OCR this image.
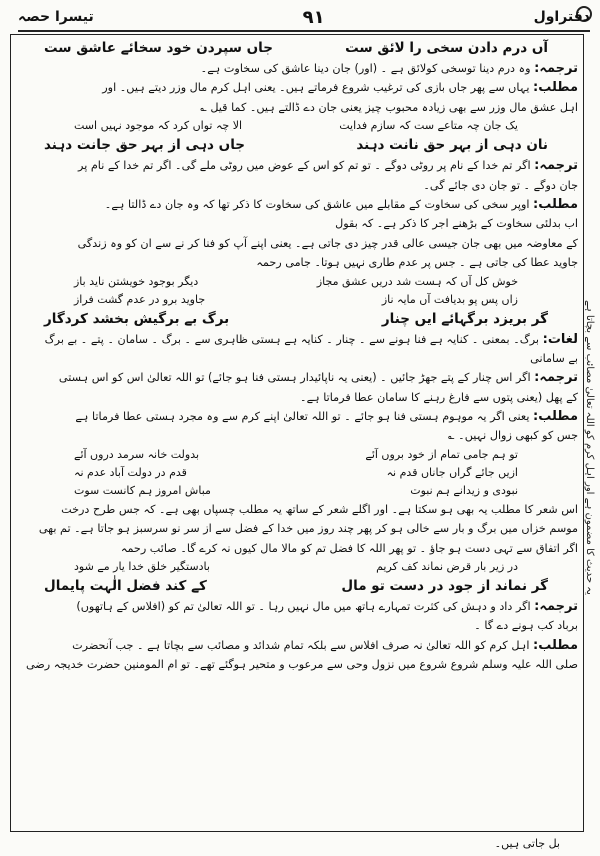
دفتراول
٩١
تیسرا حصہ
آں درم دادن سخی را لائق ست
جاں سپردن خود سخائے عاشق ست
ترجمہ: وہ درم دینا توسخی کولائق ہے ۔ (اور) جان دینا عاشق کی سخاوت ہے۔
مطلب: یہاں سے پھر جاں بازی کی ترغیب شروع فرماتے ہیں۔ یعنی اہل کرم مال وزر دیتے ہیں۔ اور
اہل عشق مال وزر سے بھی زیادہ محبوب چیز یعنی جان دے ڈالتے ہیں۔ کما قیل ؎
یک جان چہ متاعے ست کہ سازم فدایت
الا چہ تواں کرد کہ موجود نہیں است
نان دہی از بہر حق نانت دہند
جاں دہی از بہر حق جانت دہند
ترجمہ: اگر تم خدا کے نام پر روٹی دوگے ۔ تو تم کو اس کے عوض میں روٹی ملے گی۔ اگر تم خدا کے نام پر
جان دوگے ۔ تو جان دی جائے گی۔
مطلب: اوپر سخی کی سخاوت کے مقابلے میں عاشق کی سخاوت کا ذکر تھا کہ وہ جان دے ڈالتا ہے۔
اب بدلئی سخاوت کے بڑھنے اجر کا ذکر ہے۔ کہ بقول
کے معاوضہ میں بھی جان جیسی عالی قدر چیز دی جاتی ہے۔ یعنی اپنے آپ کو فنا کر نے سے ان کو وہ زندگی
جاوید عطا کی جاتی ہے ۔ جس پر عدم طاری نہیں ہوتا۔ جامی رحمہ
خوش کل آں کہ ہست شد دریں عشق مجاز
دیگر بوجود خویشتن ناید باز
زاں پس پو بدیافت آں مایہ ناز
جاوید برو در عدم گشت فراز
گر بریزد برگہائے ایں چنار
برگ بے برگیش بخشد کردگار
لغات: برگ۔ بمعنی ۔ کنایہ ہے فنا ہونے سے ۔ چنار ۔ کنایہ ہے ہستی ظاہری سے ۔ برگ ۔ سامان ۔ پتے ۔ بے برگ
بے سامانی
ترجمہ: اگر اس چنار کے پتے جھڑ جائیں ۔ (یعنی یہ ناپائیدار ہستی فنا ہو جائے) تو اللہ تعالیٰ اس کو اس ہستی
کے پھل (یعنی پتوں سے فارغ رہنے کا سامان عطا فرماتا ہے۔
مطلب: یعنی اگر یہ موہوم ہستی فنا ہو جائے ۔ تو اللہ تعالیٰ اپنے کرم سے وہ مجرد ہستی عطا فرماتا ہے
جس کو کبھی زوال نہیں۔ ؎
تو ہم جامی تمام از خود بروں آئے
بدولت خانہ سرمد دروں آئے
ازیں جائے گراں جاناں قدم نہ
قدم در دولت آباد عدم نہ
نبودی و زیدانے ہم نبوت
مباش امروز ہم کانست سوت
اس شعر کا مطلب یہ بھی ہو سکتا ہے۔ اور اگلے شعر کے ساتھ یہ مطلب چسپاں بھی ہے۔ کہ جس طرح درخت
موسم خزاں میں برگ و بار سے خالی ہو کر پھر چند روز میں خدا کے فضل سے از سر نو سرسبز ہو جاتا ہے۔ تم بھی
اگر اتفاق سے تہی دست ہو جاؤ ۔ تو پھر اللہ کا فضل تم کو مالا مال کیوں نہ کرے گا۔ صائب رحمہ
در زیر بار قرض نماند کف کریم
بادستگیر خلق خدا یار مے شود
گر نماند از جود در دست تو مال
کے کند فضل الٰہت پایمال
ترجمہ: اگر داد و دہش کی کثرت تمہارے ہاتھ میں مال نہیں رہا ۔ تو اللہ تعالیٰ تم کو (افلاس کے ہاتھوں)
برباد کب ہونے دے گا ۔
مطلب: اہل کرم کو اللہ تعالیٰ نہ صرف افلاس سے بلکہ تمام شدائد و مصائب سے بچاتا ہے ۔ جب آنحضرت
صلی اللہ علیہ وسلم شروع شروع میں نزول وحی سے مرعوب و متحیر ہوگئے تھے۔ تو ام المومنین حضرت خدیجہ رضی
یہ حدیث کا مضمون ہے اور اہل کرم کو اللہ تعالیٰ مصائب سے بچاتا ہے
بل جاتی ہیں۔
